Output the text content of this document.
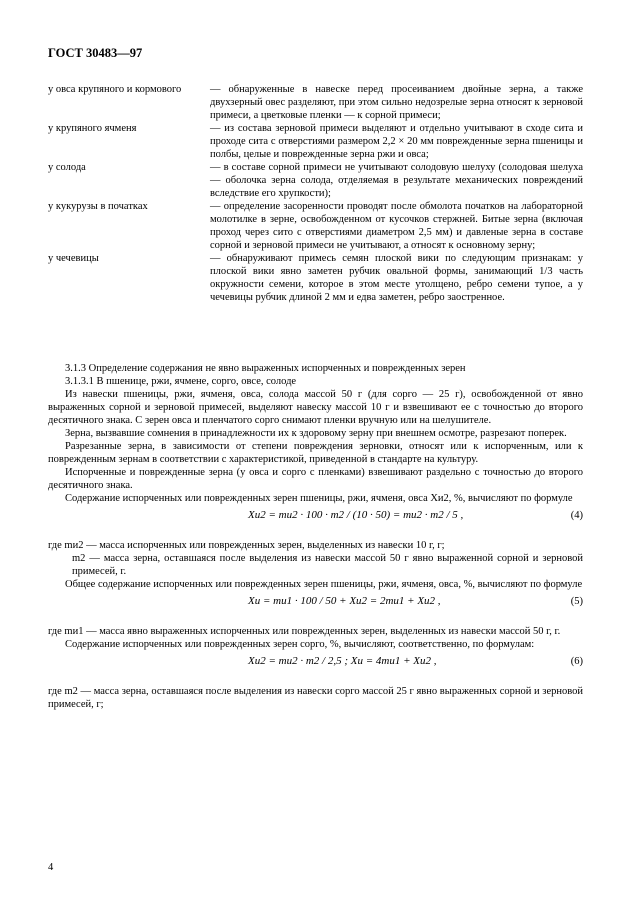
ГОСТ 30483—97
у овса крупяного и кормового	— обнаруженные в навеске перед просеиванием двойные зерна, а также двухзерный овес разделяют, при этом сильно недозрелые зерна относят к зерновой примеси, а цветковые пленки — к сорной примеси;
у крупяного ячменя	— из состава зерновой примеси выделяют и отдельно учитывают в сходе сита и проходе сита с отверстиями размером 2,2 × 20 мм поврежденные зерна пшеницы и полбы, целые и поврежденные зерна ржи и овса;
у солода	— в составе сорной примеси не учитывают солодовую шелуху (солодовая шелуха — оболочка зерна солода, отделяемая в результате механических повреждений вследствие его хрупкости);
у кукурузы в початках	— определение засоренности проводят после обмолота початков на лабораторной молотилке в зерне, освобожденном от кусочков стержней. Битые зерна (включая проход через сито с отверстиями диаметром 2,5 мм) и давленые зерна в составе сорной и зерновой примеси не учитывают, а относят к основному зерну;
у чечевицы	— обнаруживают примесь семян плоской вики по следующим признакам: у плоской вики явно заметен рубчик овальной формы, занимающий 1/3 часть окружности семени, которое в этом месте утолщено, ребро семени тупое, а у чечевицы рубчик длиной 2 мм и едва заметен, ребро заостренное.

3.1.3 Определение содержания не явно выраженных испорченных и поврежденных зерен

3.1.3.1 В пшенице, ржи, ячмене, сорго, овсе, солоде

Из навески пшеницы, ржи, ячменя, овса, солода массой 50 г (для сорго — 25 г), освобожденной от явно выраженных сорной и зерновой примесей, выделяют навеску массой 10 г и взвешивают ее с точностью до второго десятичного знака. С зерен овса и пленчатого сорго снимают пленки вручную или на шелушителе.

Зерна, вызвавшие сомнения в принадлежности их к здоровому зерну при внешнем осмотре, разрезают поперек.

Разрезанные зерна, в зависимости от степени повреждения зерновки, относят или к испорченным, или к поврежденным зернам в соответствии с характеристикой, приведенной в стандарте на культуру.

Испорченные и поврежденные зерна (у овса и сорго с пленками) взвешивают раздельно с точностью до второго десятичного знака.

Содержание испорченных или поврежденных зерен пшеницы, ржи, ячменя, овса Xи2, %, вычисляют по формуле

Xи2 = mи2 · 100 · m2 / (10 · 50) = mи2 · m2 / 5 ,	(4)

где mи2 — масса испорченных или поврежденных зерен, выделенных из навески 10 г, г;

m2 — масса зерна, оставшаяся после выделения из навески массой 50 г явно выраженной сорной и зерновой примесей, г.

Общее содержание испорченных или поврежденных зерен пшеницы, ржи, ячменя, овса, %, вычисляют по формуле

Xи = mи1 · 100 / 50 + Xи2 = 2mи1 + Xи2 ,	(5)

где mи1 — масса явно выраженных испорченных или поврежденных зерен, выделенных из навески массой 50 г, г.

Содержание испорченных или поврежденных зерен сорго, %, вычисляют, соответственно, по формулам:

Xи2 = mи2 · m2 / 2,5 ; Xи = 4mи1 + Xи2 ,	(6)

где m2 — масса зерна, оставшаяся после выделения из навески сорго массой 25 г явно выраженных сорной и зерновой примесей, г;

4
